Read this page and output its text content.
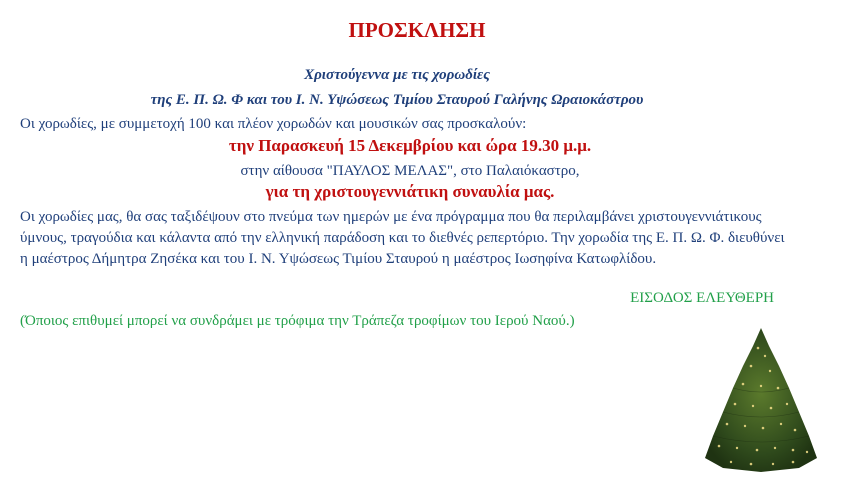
ΠΡΟΣΚΛΗΣΗ
Χριστούγεννα με τις χορωδίες
της Ε. Π. Ω. Φ και του Ι. Ν. Υψώσεως Τιμίου Σταυρού Γαλήνης Ωραιοκάστρου
Οι χορωδίες, με συμμετοχή 100 και πλέον χορωδών και μουσικών σας προσκαλούν:
την Παρασκευή 15 Δεκεμβρίου και ώρα 19.30 μ.μ.
στην αίθουσα "ΠΑΥΛΟΣ ΜΕΛΑΣ", στο Παλαιόκαστρο,
για τη χριστουγεννιάτικη συναυλία μας.
Οι χορωδίες μας, θα σας ταξιδέψουν στο πνεύμα των ημερών με ένα πρόγραμμα που θα περιλαμβάνει χριστουγεννιάτικους ύμνους, τραγούδια και κάλαντα από την ελληνική παράδοση και το διεθνές ρεπερτόριο. Την χορωδία της Ε. Π. Ω. Φ. διευθύνει η μαέστρος Δήμητρα Ζησέκα και του Ι. Ν. Υψώσεως Τιμίου Σταυρού η μαέστρος Ιωσηφίνα Κατωφλίδου.
ΕΙΣΟΔΟΣ ΕΛΕΥΘΕΡΗ
(Όποιος επιθυμεί μπορεί να συνδράμει με τρόφιμα την Τράπεζα τροφίμων του Ιερού Ναού.)
